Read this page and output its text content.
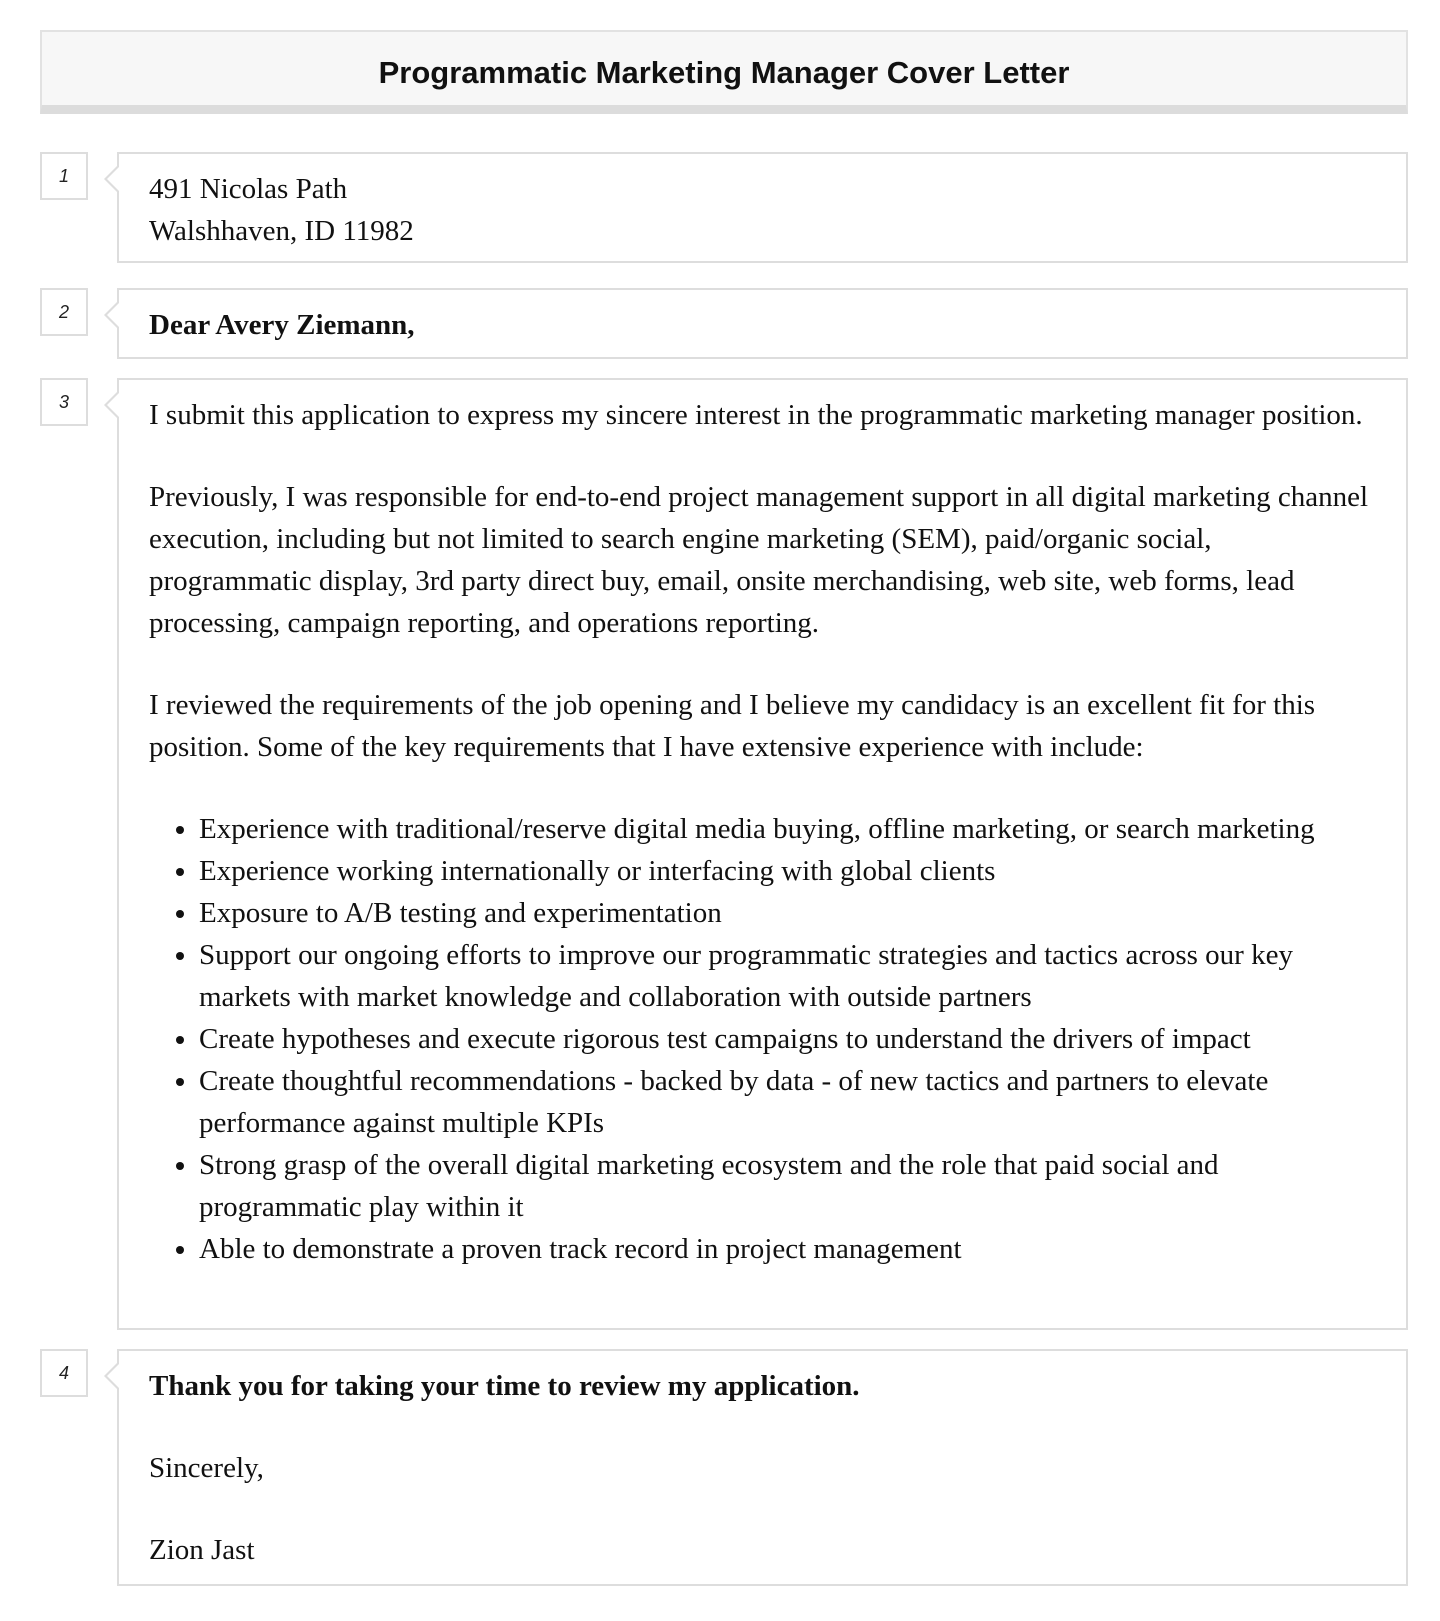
Programmatic Marketing Manager Cover Letter
1	491 Nicolas Path
Walshhaven, ID 11982
2	Dear Avery Ziemann,
3	I submit this application to express my sincere interest in the programmatic marketing manager position.

Previously, I was responsible for end-to-end project management support in all digital marketing channel execution, including but not limited to search engine marketing (SEM), paid/organic social, programmatic display, 3rd party direct buy, email, onsite merchandising, web site, web forms, lead processing, campaign reporting, and operations reporting.

I reviewed the requirements of the job opening and I believe my candidacy is an excellent fit for this position. Some of the key requirements that I have extensive experience with include:

• Experience with traditional/reserve digital media buying, offline marketing, or search marketing
• Experience working internationally or interfacing with global clients
• Exposure to A/B testing and experimentation
• Support our ongoing efforts to improve our programmatic strategies and tactics across our key markets with market knowledge and collaboration with outside partners
• Create hypotheses and execute rigorous test campaigns to understand the drivers of impact
• Create thoughtful recommendations - backed by data - of new tactics and partners to elevate performance against multiple KPIs
• Strong grasp of the overall digital marketing ecosystem and the role that paid social and programmatic play within it
• Able to demonstrate a proven track record in project management
4	Thank you for taking your time to review my application.

Sincerely,

Zion Jast
